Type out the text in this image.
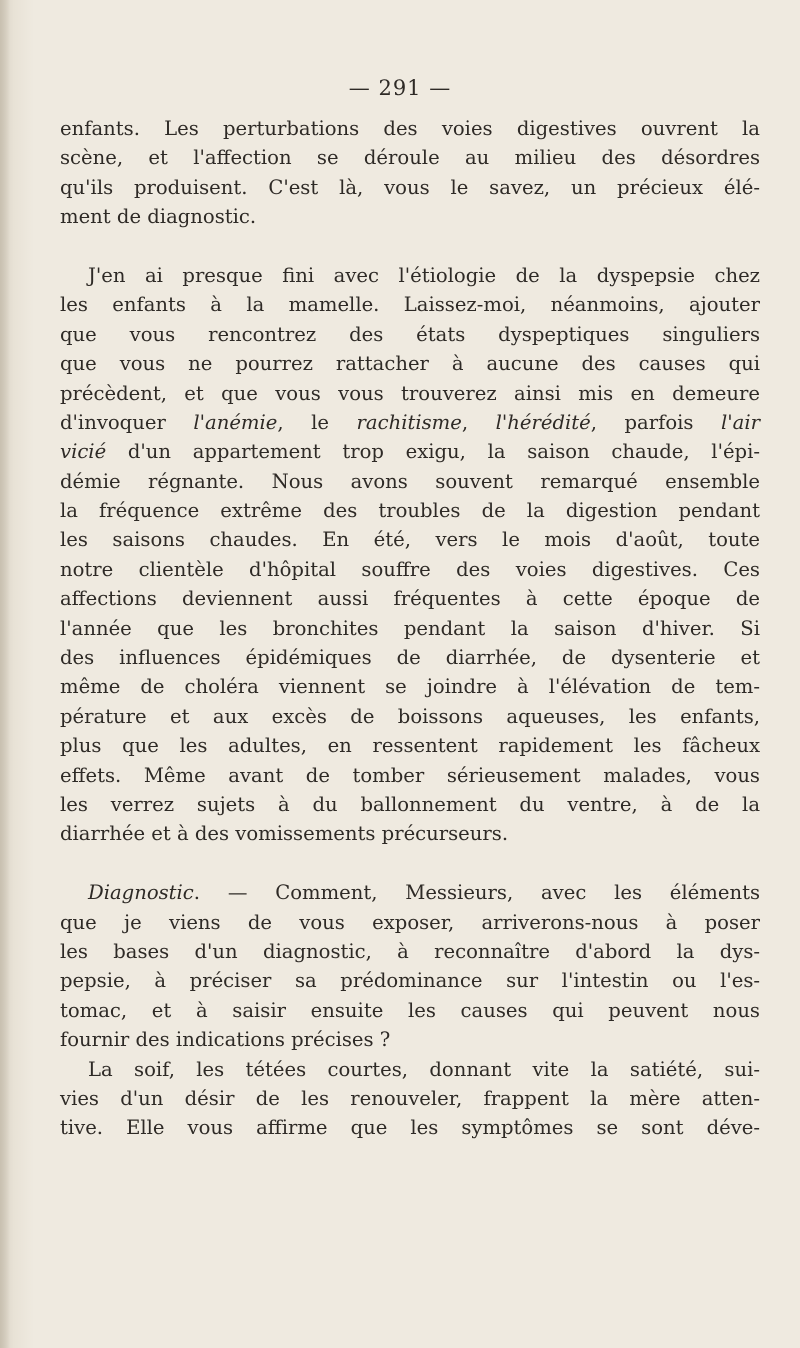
— 291 —
enfants. Les perturbations des voies digestives ouvrent la
scène, et l'affection se déroule au milieu des désordres
qu'ils produisent. C'est là, vous le savez, un précieux élé-
ment de diagnostic.
J'en ai presque fini avec l'étiologie de la dyspepsie chez
les enfants à la mamelle. Laissez-moi, néanmoins, ajouter
que vous rencontrez des états dyspeptiques singuliers
que vous ne pourrez rattacher à aucune des causes qui
précèdent, et que vous vous trouverez ainsi mis en demeure
d'invoquer l'anémie, le rachitisme, l'hérédité, parfois l'air
vicié d'un appartement trop exigu, la saison chaude, l'épi-
démie régnante. Nous avons souvent remarqué ensemble
la fréquence extrême des troubles de la digestion pendant
les saisons chaudes. En été, vers le mois d'août, toute
notre clientèle d'hôpital souffre des voies digestives. Ces
affections deviennent aussi fréquentes à cette époque de
l'année que les bronchites pendant la saison d'hiver. Si
des influences épidémiques de diarrhée, de dysenterie et
même de choléra viennent se joindre à l'élévation de tem-
pérature et aux excès de boissons aqueuses, les enfants,
plus que les adultes, en ressentent rapidement les fâcheux
effets. Même avant de tomber sérieusement malades, vous
les verrez sujets à du ballonnement du ventre, à de la
diarrhée et à des vomissements précurseurs.
Diagnostic. — Comment, Messieurs, avec les éléments
que je viens de vous exposer, arriverons-nous à poser
les bases d'un diagnostic, à reconnaître d'abord la dys-
pepsie, à préciser sa prédominance sur l'intestin ou l'es-
tomac, et à saisir ensuite les causes qui peuvent nous
fournir des indications précises ?
La soif, les tétées courtes, donnant vite la satiété, sui-
vies d'un désir de les renouveler, frappent la mère atten-
tive. Elle vous affirme que les symptômes se sont déve-
